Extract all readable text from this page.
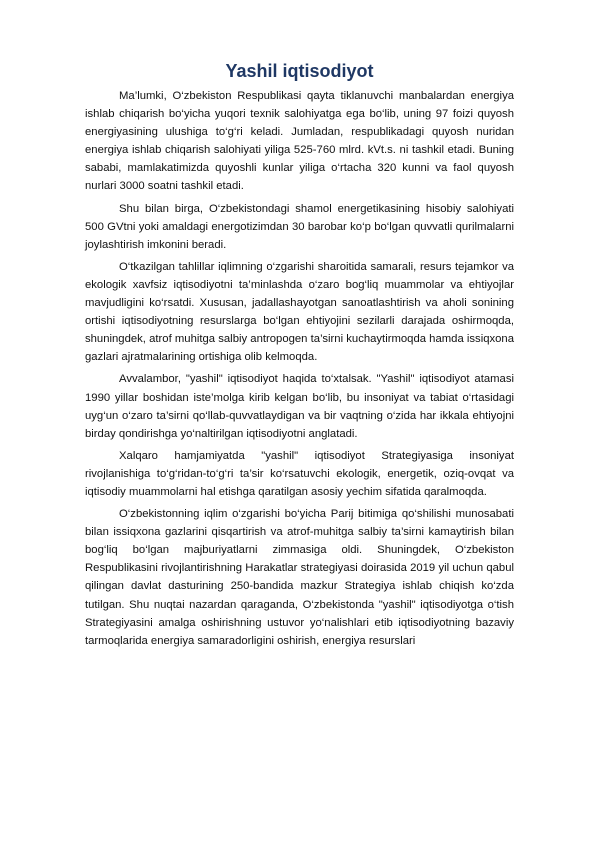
Yashil iqtisodiyot

Ma’lumki, O‘zbekiston Respublikasi qayta tiklanuvchi manbalardan energiya ishlab chiqarish bo‘yicha yuqori texnik salohiyatga ega bo‘lib, uning 97 foizi quyosh energiyasining ulushiga to‘g‘ri keladi. Jumladan, respublikadagi quyosh nuridan energiya ishlab chiqarish salohiyati yiliga 525-760 mlrd. kVt.s. ni tashkil etadi. Buning sababi, mamlakatimizda quyoshli kunlar yiliga o‘rtacha 320 kunni va faol quyosh nurlari 3000 soatni tashkil etadi.

Shu bilan birga, O‘zbekistondagi shamol energetikasining hisobiy salohiyati 500 GVtni yoki amaldagi energotizimdan 30 barobar ko‘p bo‘lgan quvvatli qurilmalarni joylashtirish imkonini beradi.

O‘tkazilgan tahlillar iqlimning o‘zgarishi sharoitida samarali, resurs tejamkor va ekologik xavfsiz iqtisodiyotni ta’minlashda o‘zaro bog‘liq muammolar va ehtiyojlar mavjudligini ko‘rsatdi. Xususan, jadallashayotgan sanoatlashtirish va aholi sonining ortishi iqtisodiyotning resurslarga bo‘lgan ehtiyojini sezilarli darajada oshirmoqda, shuningdek, atrof muhitga salbiy antropogen ta’sirni kuchaytirmoqda hamda issiqxona gazlari ajratmalarining ortishiga olib kelmoqda.

Avvalambor, "yashil" iqtisodiyot haqida to‘xtalsak. "Yashil" iqtisodiyot atamasi 1990 yillar boshidan iste’molga kirib kelgan bo‘lib, bu insoniyat va tabiat o‘rtasidagi uyg‘un o‘zaro ta’sirni qo‘llab-quvvatlaydigan va bir vaqtning o‘zida har ikkala ehtiyojni birday qondirishga yo‘naltirilgan iqtisodiyotni anglatadi.

Xalqaro hamjamiyatda "yashil" iqtisodiyot Strategiyasiga insoniyat rivojlanishiga to‘g‘ridan-to‘g‘ri ta’sir ko‘rsatuvchi ekologik, energetik, oziq-ovqat va iqtisodiy muammolarni hal etishga qaratilgan asosiy yechim sifatida qaralmoqda.

O‘zbekistonning iqlim o‘zgarishi bo‘yicha Parij bitimiga qo‘shilishi munosabati bilan issiqxona gazlarini qisqartirish va atrof-muhitga salbiy ta’sirni kamaytirish bilan bog‘liq bo‘lgan majburiyatlarni zimmasiga oldi. Shuningdek, O‘zbekiston Respublikasini rivojlantirishning Harakatlar strategiyasi doirasida 2019 yil uchun qabul qilingan davlat dasturining 250-bandida mazkur Strategiya ishlab chiqish ko‘zda tutilgan. Shu nuqtai nazardan qaraganda, O‘zbekistonda "yashil" iqtisodiyotga o‘tish Strategiyasini amalga oshirishning ustuvor yo‘nalishlari etib iqtisodiyotning bazaviy tarmoqlarida energiya samaradorligini oshirish, energiya resurslari
